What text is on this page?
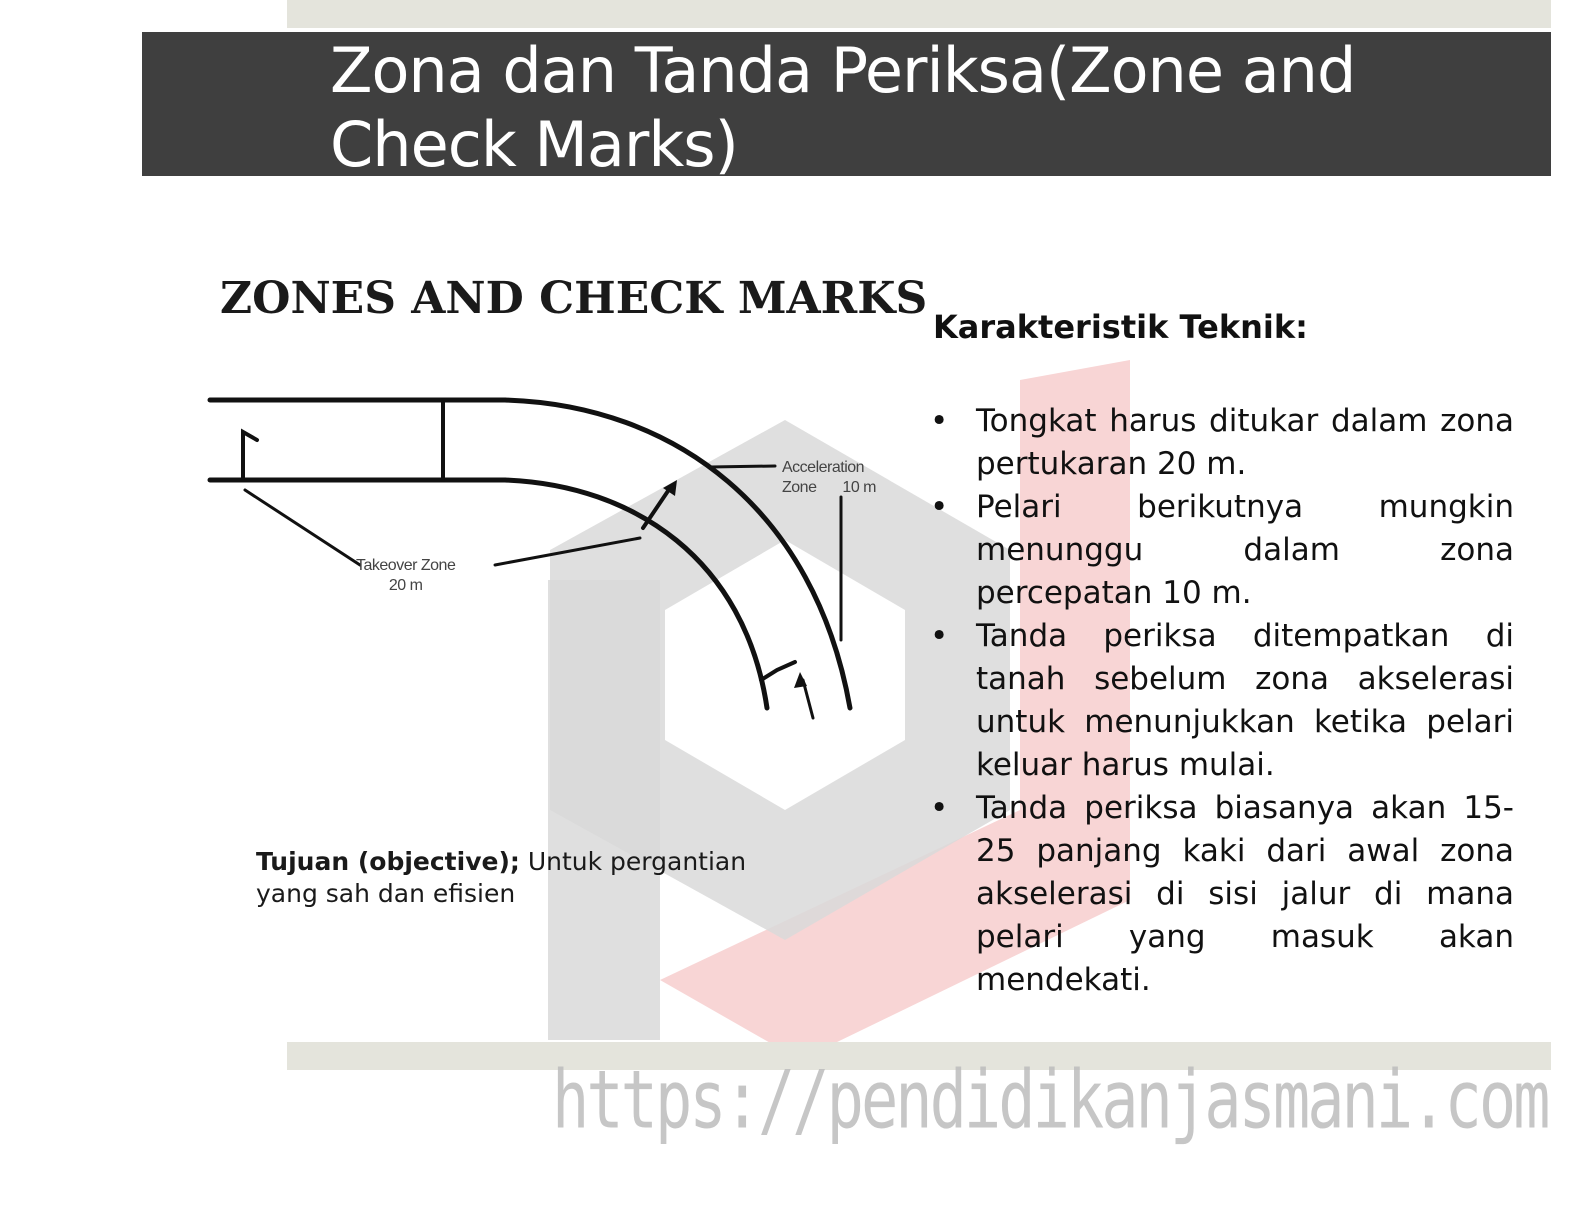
Zona dan Tanda Periksa(Zone and Check Marks)
https://pendidikanjasmani.com
ZONES AND CHECK MARKS
Acceleration
Zone 10 m
Takeover Zone
20 m
Tujuan (objective); Untuk pergantian yang sah dan efisien
Karakteristik Teknik:
• Tongkat harus ditukar dalam zona pertukaran 20 m.
• Pelari berikutnya mungkin menunggu dalam zona percepatan 10 m.
• Tanda periksa ditempatkan di tanah sebelum zona akselerasi untuk menunjukkan ketika pelari keluar harus mulai.
• Tanda periksa biasanya akan 15-25 panjang kaki dari awal zona akselerasi di sisi jalur di mana pelari yang masuk akan mendekati.
